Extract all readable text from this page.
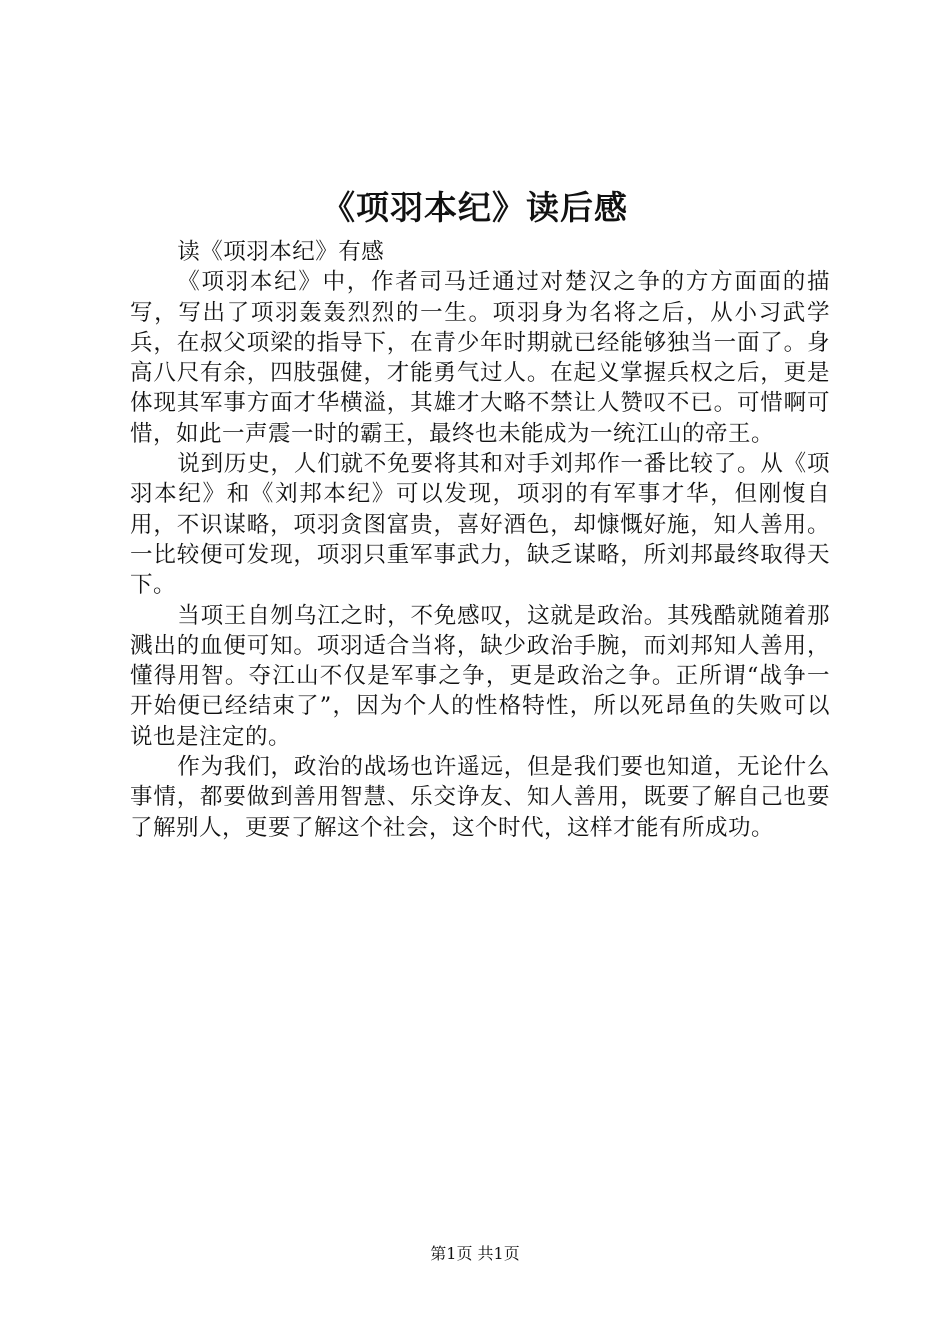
《项羽本纪》读后感

读《项羽本纪》有感

《项羽本纪》中，作者司马迁通过对楚汉之争的方方面面的描写，写出了项羽轰轰烈烈的一生。项羽身为名将之后，从小习武学兵，在叔父项梁的指导下，在青少年时期就已经能够独当一面了。身高八尺有余，四肢强健，才能勇气过人。在起义掌握兵权之后，更是体现其军事方面才华横溢，其雄才大略不禁让人赞叹不已。可惜啊可惜，如此一声震一时的霸王，最终也未能成为一统江山的帝王。

说到历史，人们就不免要将其和对手刘邦作一番比较了。从《项羽本纪》和《刘邦本纪》可以发现，项羽的有军事才华，但刚愎自用，不识谋略，项羽贪图富贵，喜好酒色，却慷慨好施，知人善用。一比较便可发现，项羽只重军事武力，缺乏谋略，所刘邦最终取得天下。

当项王自刎乌江之时，不免感叹，这就是政治。其残酷就随着那溅出的血便可知。项羽适合当将，缺少政治手腕，而刘邦知人善用，懂得用智。夺江山不仅是军事之争，更是政治之争。正所谓“战争一开始便已经结束了”，因为个人的性格特性，所以死昂鱼的失败可以说也是注定的。

作为我们，政治的战场也许遥远，但是我们要也知道，无论什么事情，都要做到善用智慧、乐交诤友、知人善用，既要了解自己也要了解别人，更要了解这个社会，这个时代，这样才能有所成功。

第1页 共1页
